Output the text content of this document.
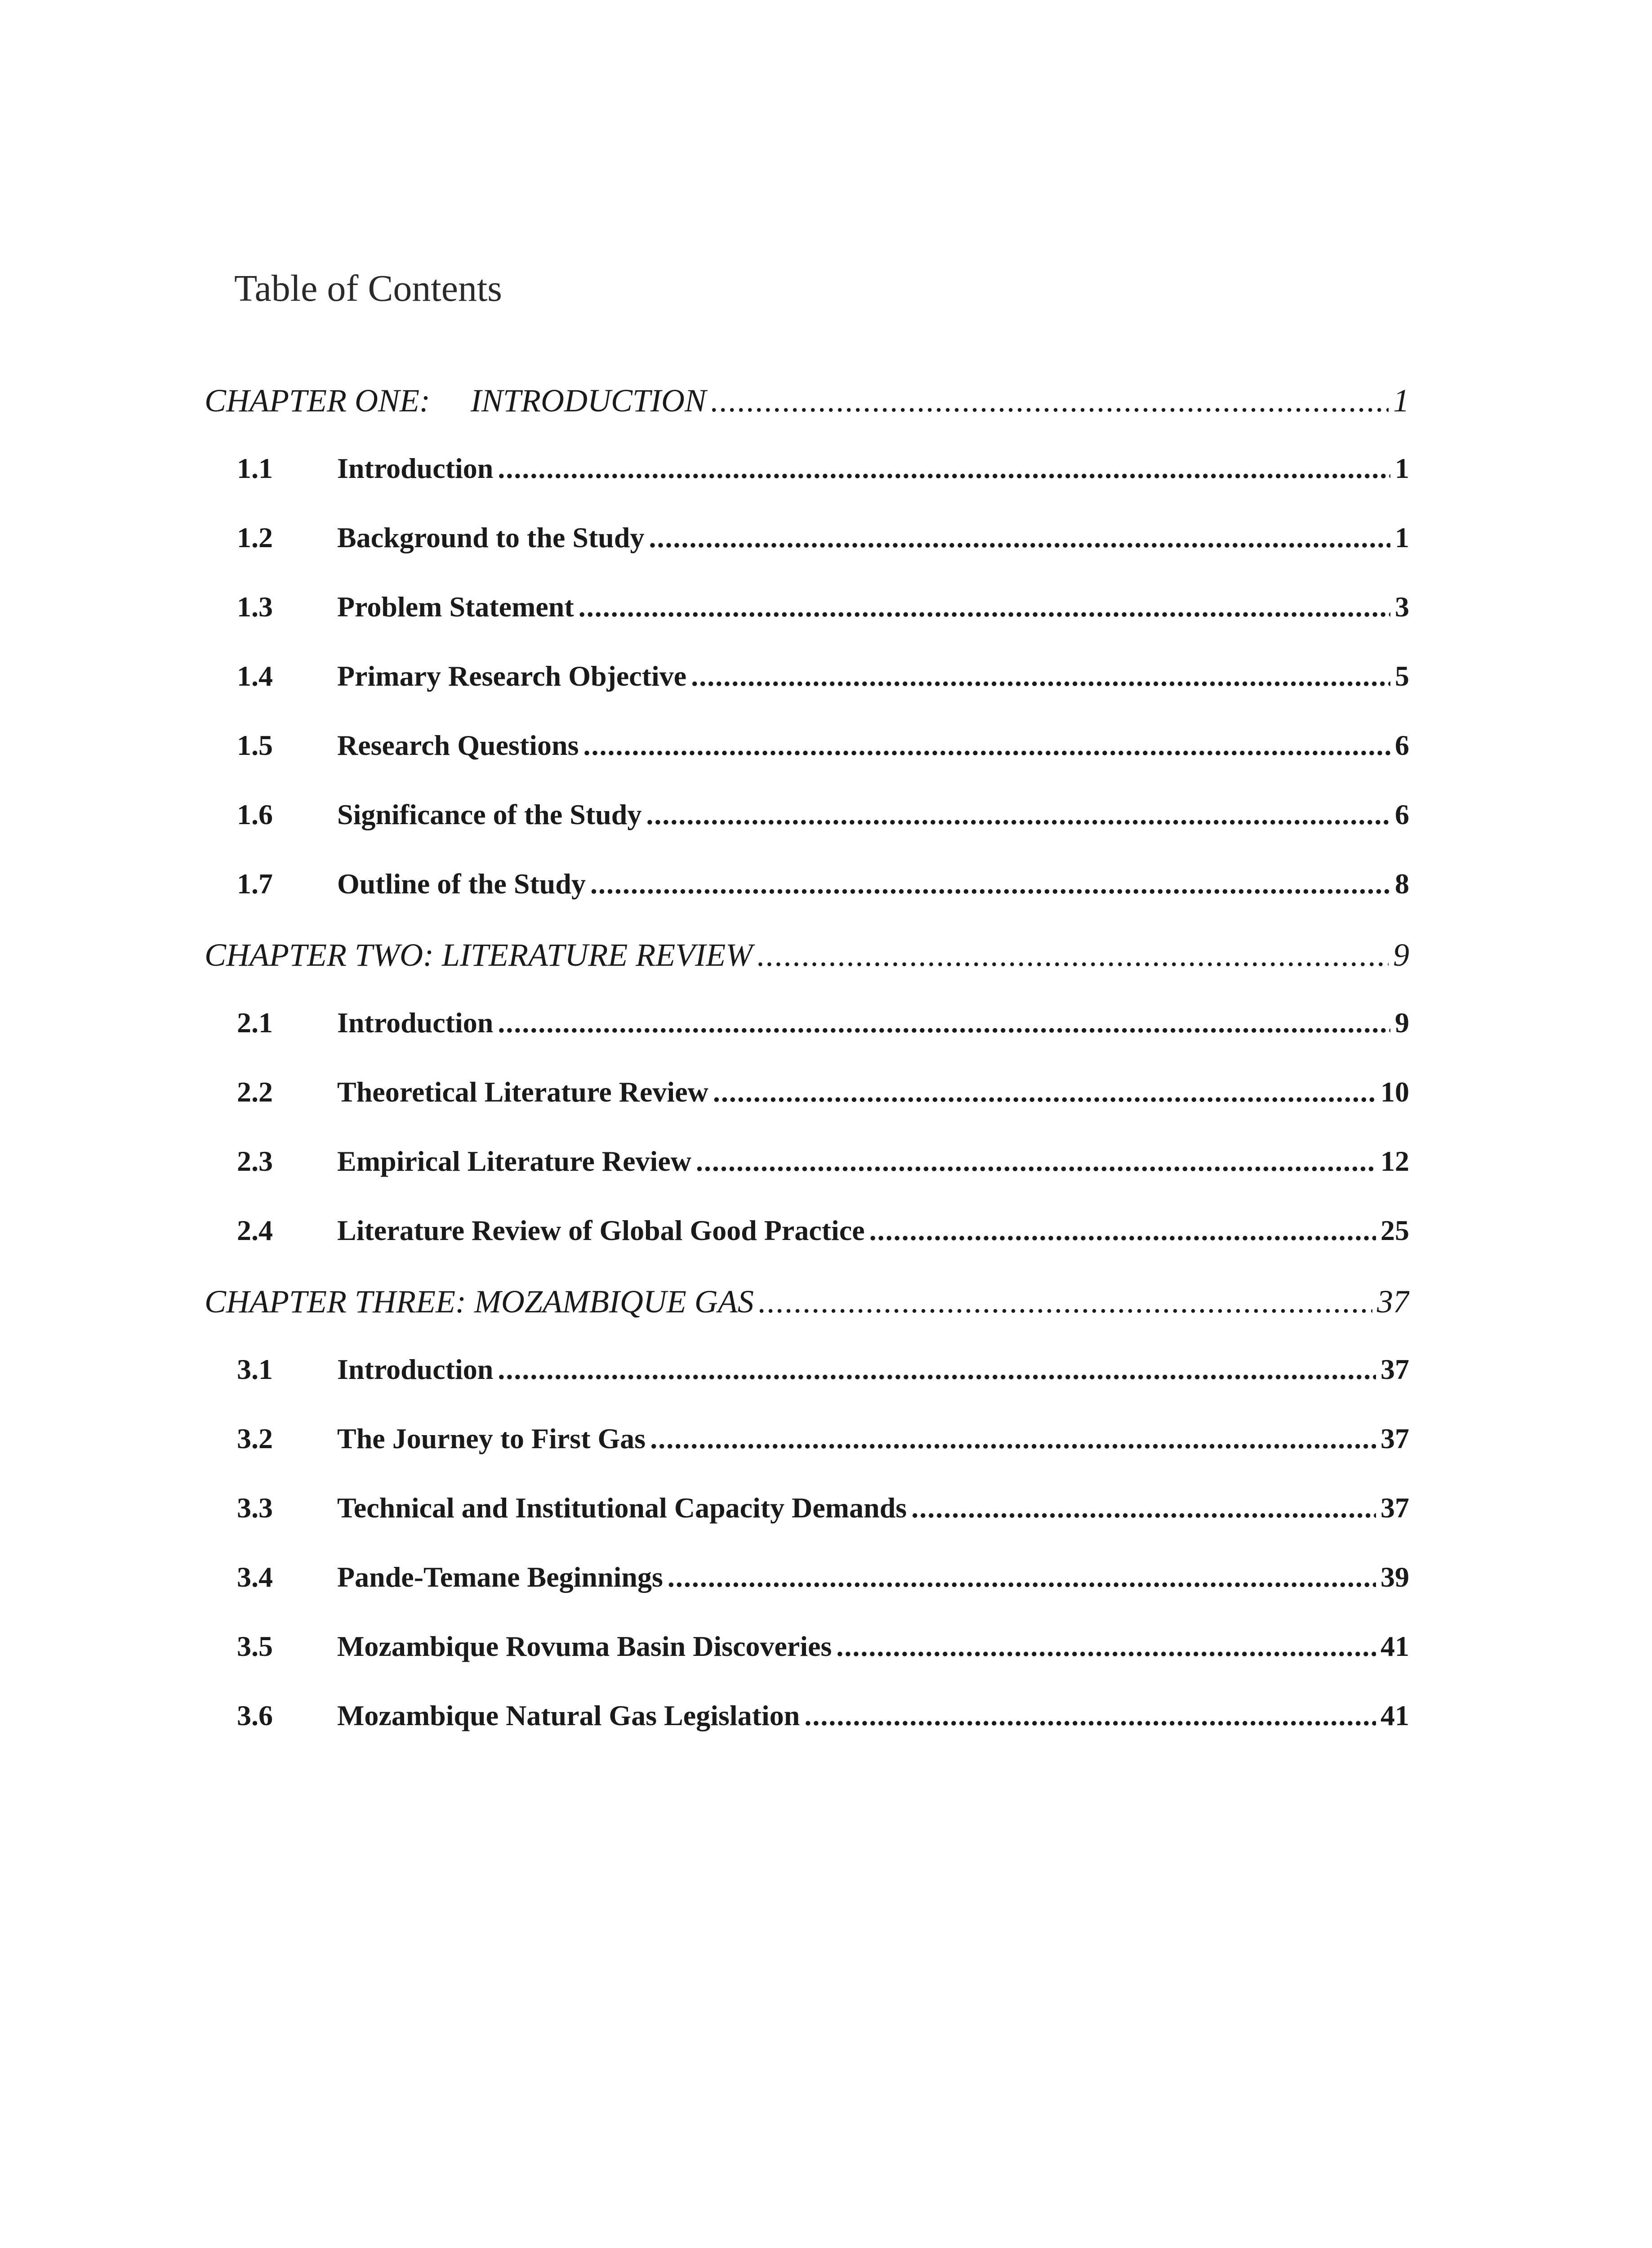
Table of Contents
CHAPTER ONE:     INTRODUCTION .....	1
1.1	Introduction .....	1
1.2	Background to the Study .....	1
1.3	Problem Statement .....	3
1.4	Primary Research Objective .....	5
1.5	Research Questions .....	6
1.6	Significance of the Study .....	6
1.7	Outline of the Study .....	8
CHAPTER TWO: LITERATURE REVIEW .....	9
2.1	Introduction .....	9
2.2	Theoretical Literature Review .....	10
2.3	Empirical Literature Review .....	12
2.4	Literature Review of Global Good Practice .....	25
CHAPTER THREE: MOZAMBIQUE GAS .....	37
3.1	Introduction .....	37
3.2	The Journey to First Gas .....	37
3.3	Technical and Institutional Capacity Demands .....	37
3.4	Pande-Temane Beginnings .....	39
3.5	Mozambique Rovuma Basin Discoveries .....	41
3.6	Mozambique Natural Gas Legislation .....	41
